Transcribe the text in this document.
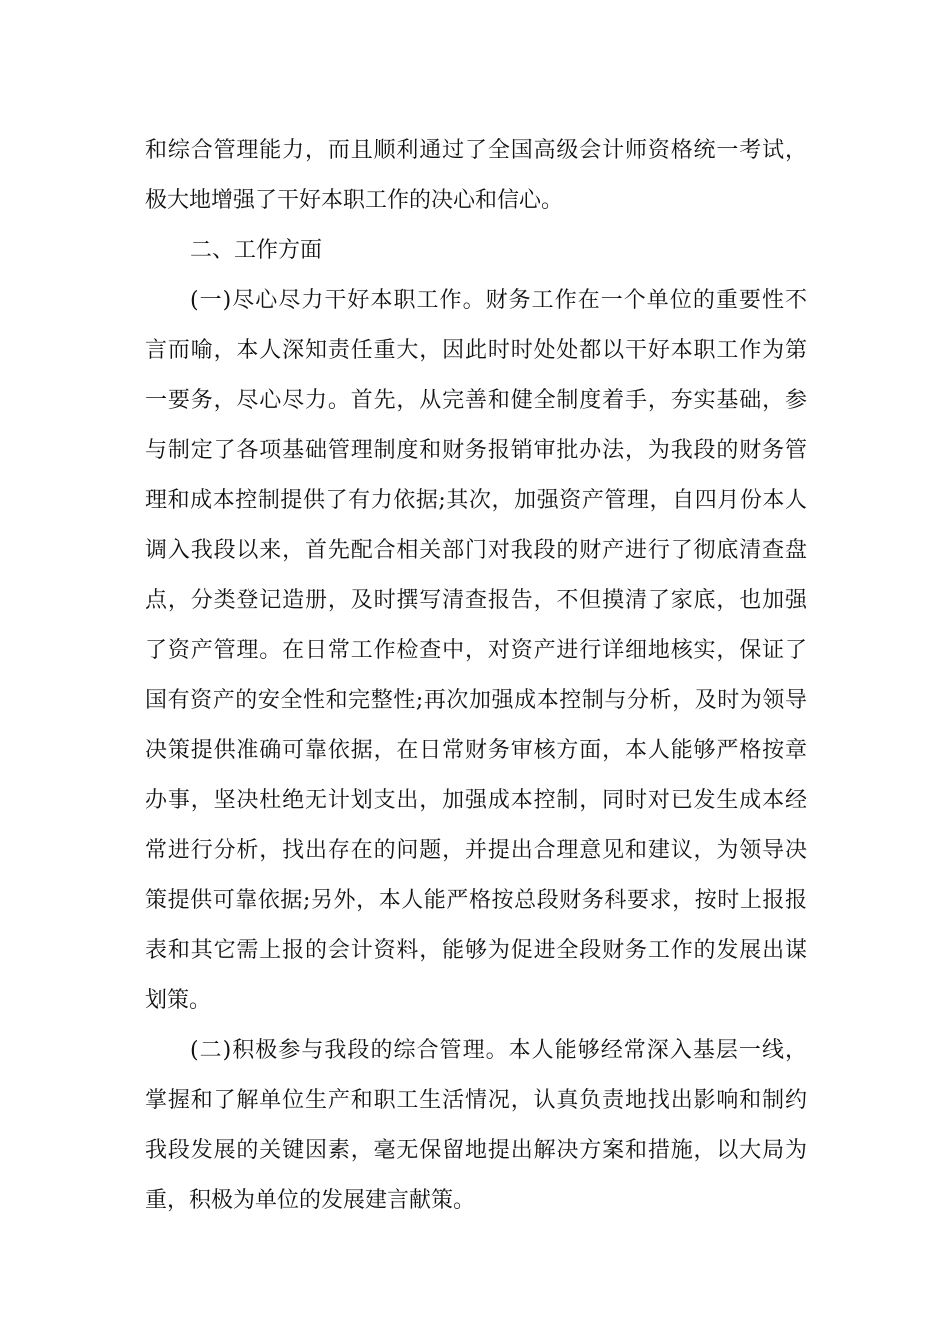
和综合管理能力，而且顺利通过了全国高级会计师资格统一考试，
极大地增强了干好本职工作的决心和信心。
二、工作方面
(一)尽心尽力干好本职工作。财务工作在一个单位的重要性不
言而喻，本人深知责任重大，因此时时处处都以干好本职工作为第
一要务，尽心尽力。首先，从完善和健全制度着手，夯实基础，参
与制定了各项基础管理制度和财务报销审批办法，为我段的财务管
理和成本控制提供了有力依据;其次，加强资产管理，自四月份本人
调入我段以来，首先配合相关部门对我段的财产进行了彻底清查盘
点，分类登记造册，及时撰写清查报告，不但摸清了家底，也加强
了资产管理。在日常工作检查中，对资产进行详细地核实，保证了
国有资产的安全性和完整性;再次加强成本控制与分析，及时为领导
决策提供准确可靠依据，在日常财务审核方面，本人能够严格按章
办事，坚决杜绝无计划支出，加强成本控制，同时对已发生成本经
常进行分析，找出存在的问题，并提出合理意见和建议，为领导决
策提供可靠依据;另外，本人能严格按总段财务科要求，按时上报报
表和其它需上报的会计资料，能够为促进全段财务工作的发展出谋
划策。
(二)积极参与我段的综合管理。本人能够经常深入基层一线，
掌握和了解单位生产和职工生活情况，认真负责地找出影响和制约
我段发展的关键因素，毫无保留地提出解决方案和措施，以大局为
重，积极为单位的发展建言献策。
